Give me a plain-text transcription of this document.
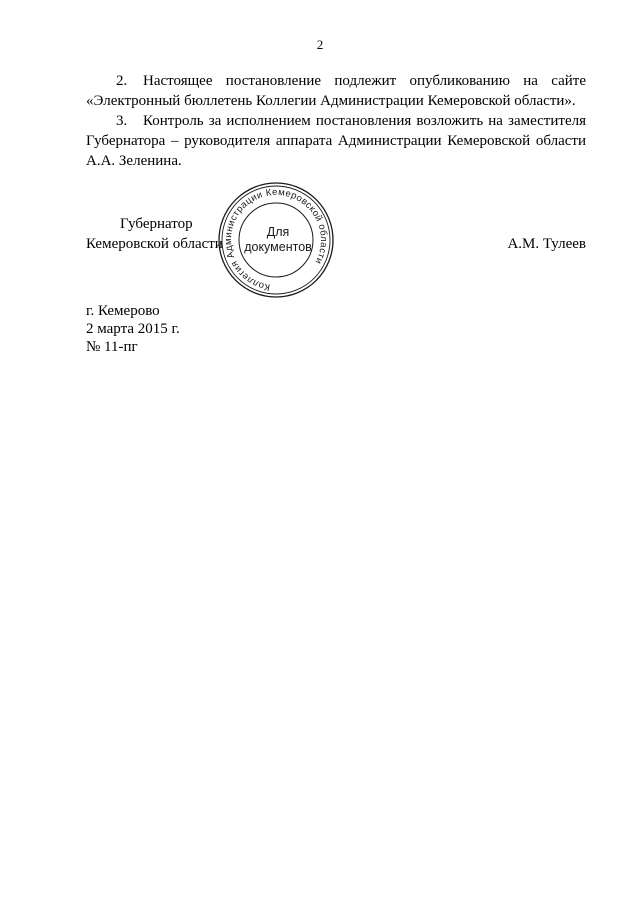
2

2. Настоящее постановление подлежит опубликованию на сайте «Электронный бюллетень Коллегии Администрации Кемеровской области».

3. Контроль за исполнением постановления возложить на заместителя Губернатора – руководителя аппарата Администрации Кемеровской области А.А. Зеленина.

Губернатор
Кемеровской области	А.М. Тулеев
Коллегия Администрации Кемеровской области
Для
документов
г. Кемерово
2 марта 2015 г.
№ 11-пг
